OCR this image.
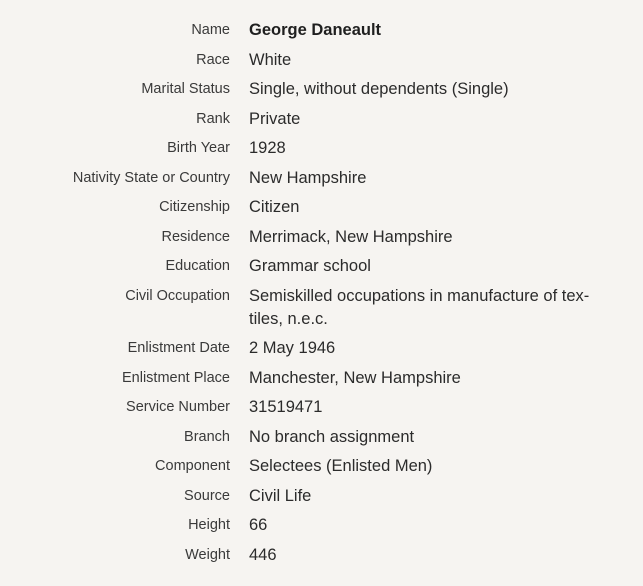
Name George Daneault
Race White
Marital Status Single, without dependents (Single)
Rank Private
Birth Year 1928
Nativity State or Country New Hampshire
Citizenship Citizen
Residence Merrimack, New Hampshire
Education Grammar school
Civil Occupation Semiskilled occupations in manufacture of tex-tiles, n.e.c.
Enlistment Date 2 May 1946
Enlistment Place Manchester, New Hampshire
Service Number 31519471
Branch No branch assignment
Component Selectees (Enlisted Men)
Source Civil Life
Height 66
Weight 446
